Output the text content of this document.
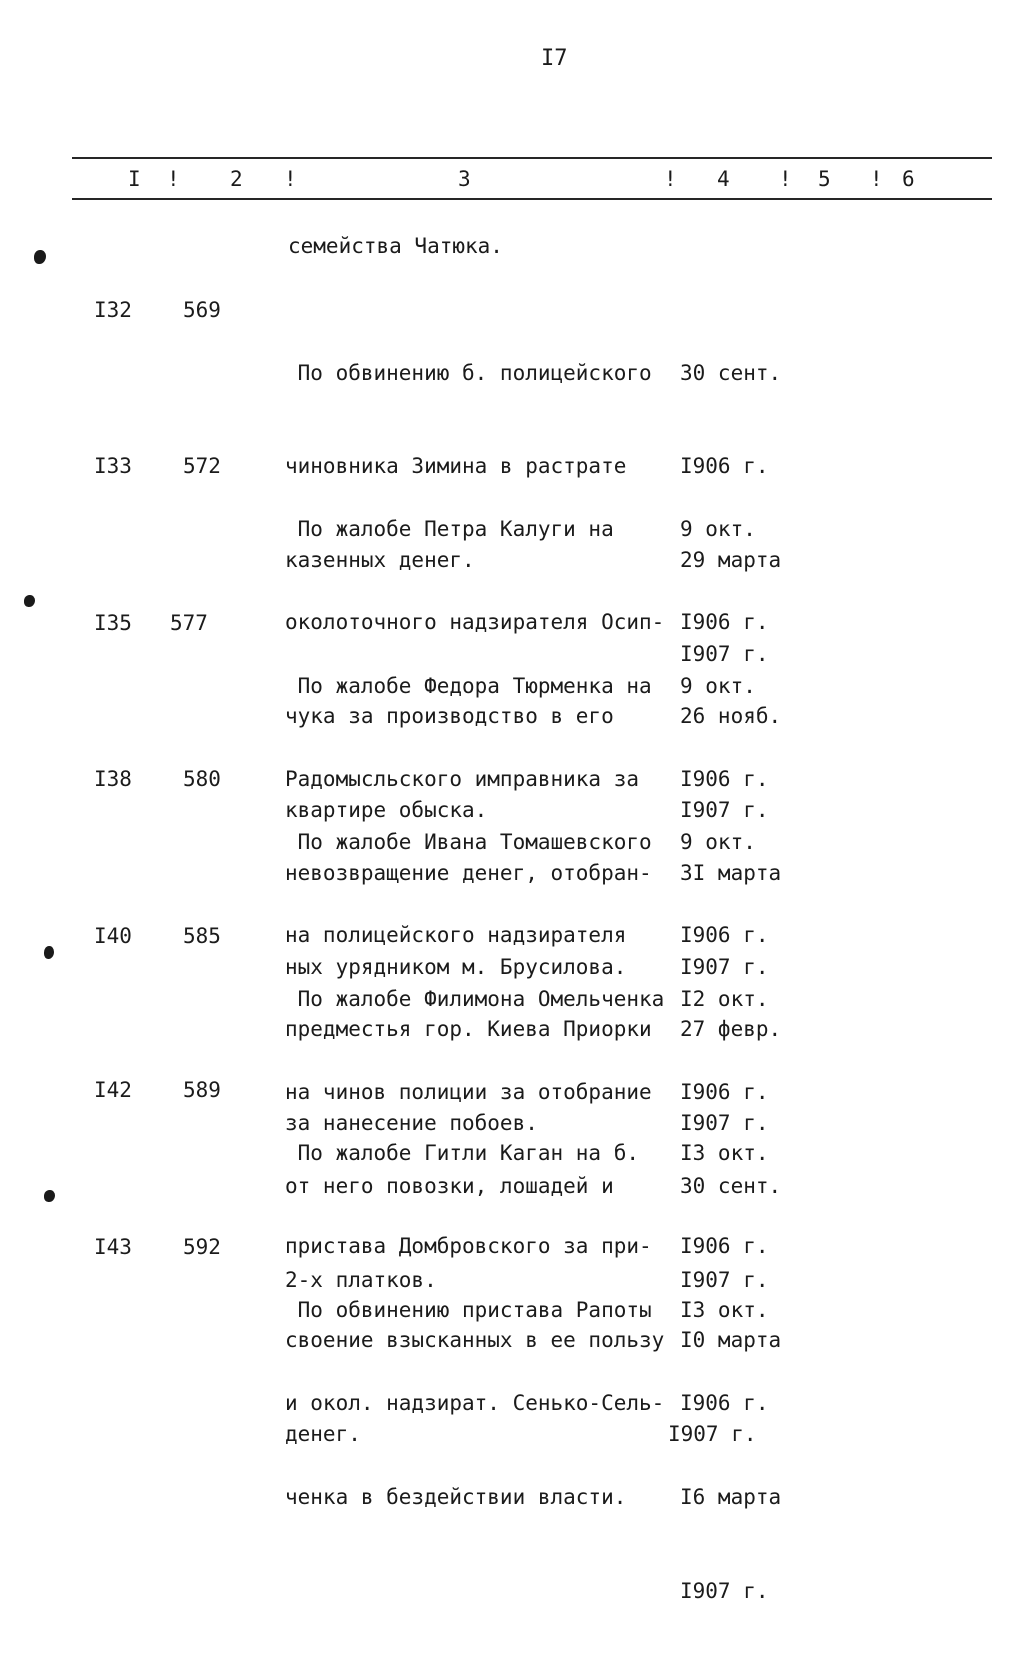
I7
I ! 2 !	3	! 4 ! 5 ! 6
семейства Чатюка.
I32 569

По обвинению б. полицейского

чиновника Зимина в растрате

казенных денег.

30 сент.

I906 г.

29 марта

I907 г.

I33 572

По жалобе Петра Калуги на

околоточного надзирателя Осип-

чука за производство в его

квартире обыска.

9 окт.

I906 г.

26 нояб.

I907 г.

I35 577

По жалобе Федора Тюрменка на

Радомысльского имправника за

невозвращение денег, отобран-

ных урядником м. Брусилова.

9 окт.

I906 г.

3I марта

I907 г.

I38 580

По жалобе Ивана Томашевского

на полицейского надзирателя

предместья гор. Киева Приорки

за нанесение побоев.

9 окт.

I906 г.

27 февр.

I907 г.

I40 585

По жалобе Филимона Омельченка

на чинов полиции за отобрание

от него повозки, лошадей и

2-х платков.

I2 окт.

I906 г.

30 сент.

I907 г.

I42 589

По жалобе Гитли Каган на б.

пристава Домбровского за при-

своение взысканных в ее пользу

денег.

I3 окт.

I906 г.

I0 марта

I907 г.

I43 592

По обвинению пристава Рапоты

и окол. надзират. Сенько-Сель-

ченка в бездействии власти.

I3 окт.

I906 г.

I6 марта

I907 г.
